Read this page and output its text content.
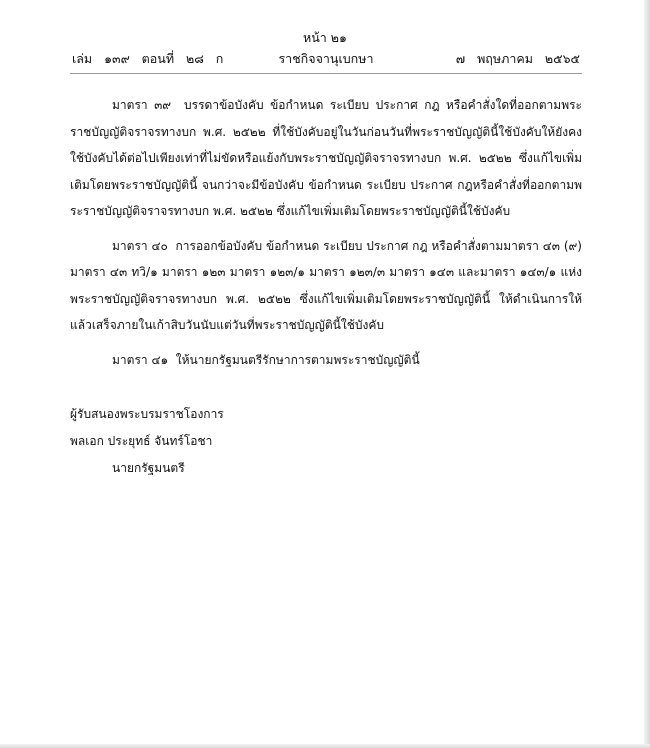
หน้า ๒๑
เล่ม   ๑๓๙   ตอนที่   ๒๘   ก	ราชกิจจานุเบกษา	๗   พฤษภาคม   ๒๕๖๕

มาตรา ๓๙ บรรดาข้อบังคับ ข้อกำหนด ระเบียบ ประกาศ กฎ หรือคำสั่งใดที่ออกตามพระราชบัญญัติจราจรทางบก พ.ศ. ๒๕๒๒ ที่ใช้บังคับอยู่ในวันก่อนวันที่พระราชบัญญัตินี้ใช้บังคับให้ยังคงใช้บังคับได้ต่อไปเพียงเท่าที่ไม่ขัดหรือแย้งกับพระราชบัญญัติจราจรทางบก พ.ศ. ๒๕๒๒ ซึ่งแก้ไขเพิ่มเติมโดยพระราชบัญญัตินี้ จนกว่าจะมีข้อบังคับ ข้อกำหนด ระเบียบ ประกาศ กฎหรือคำสั่งที่ออกตามพระราชบัญญัติจราจรทางบก พ.ศ. ๒๕๒๒ ซึ่งแก้ไขเพิ่มเติมโดยพระราชบัญญัตินี้ใช้บังคับ

มาตรา ๔๐ การออกข้อบังคับ ข้อกำหนด ระเบียบ ประกาศ กฎ หรือคำสั่งตามมาตรา ๔๓ (๙) มาตรา ๔๓ ทวิ/๑ มาตรา ๑๒๓ มาตรา ๑๒๓/๑ มาตรา ๑๒๓/๓ มาตรา ๑๔๓ และมาตรา ๑๔๓/๑ แห่งพระราชบัญญัติจราจรทางบก พ.ศ. ๒๕๒๒ ซึ่งแก้ไขเพิ่มเติมโดยพระราชบัญญัตินี้ ให้ดำเนินการให้แล้วเสร็จภายในเก้าสิบวันนับแต่วันที่พระราชบัญญัตินี้ใช้บังคับ

มาตรา ๔๑ ให้นายกรัฐมนตรีรักษาการตามพระราชบัญญัตินี้

ผู้รับสนองพระบรมราชโองการ
พลเอก ประยุทธ์ จันทร์โอชา
นายกรัฐมนตรี
